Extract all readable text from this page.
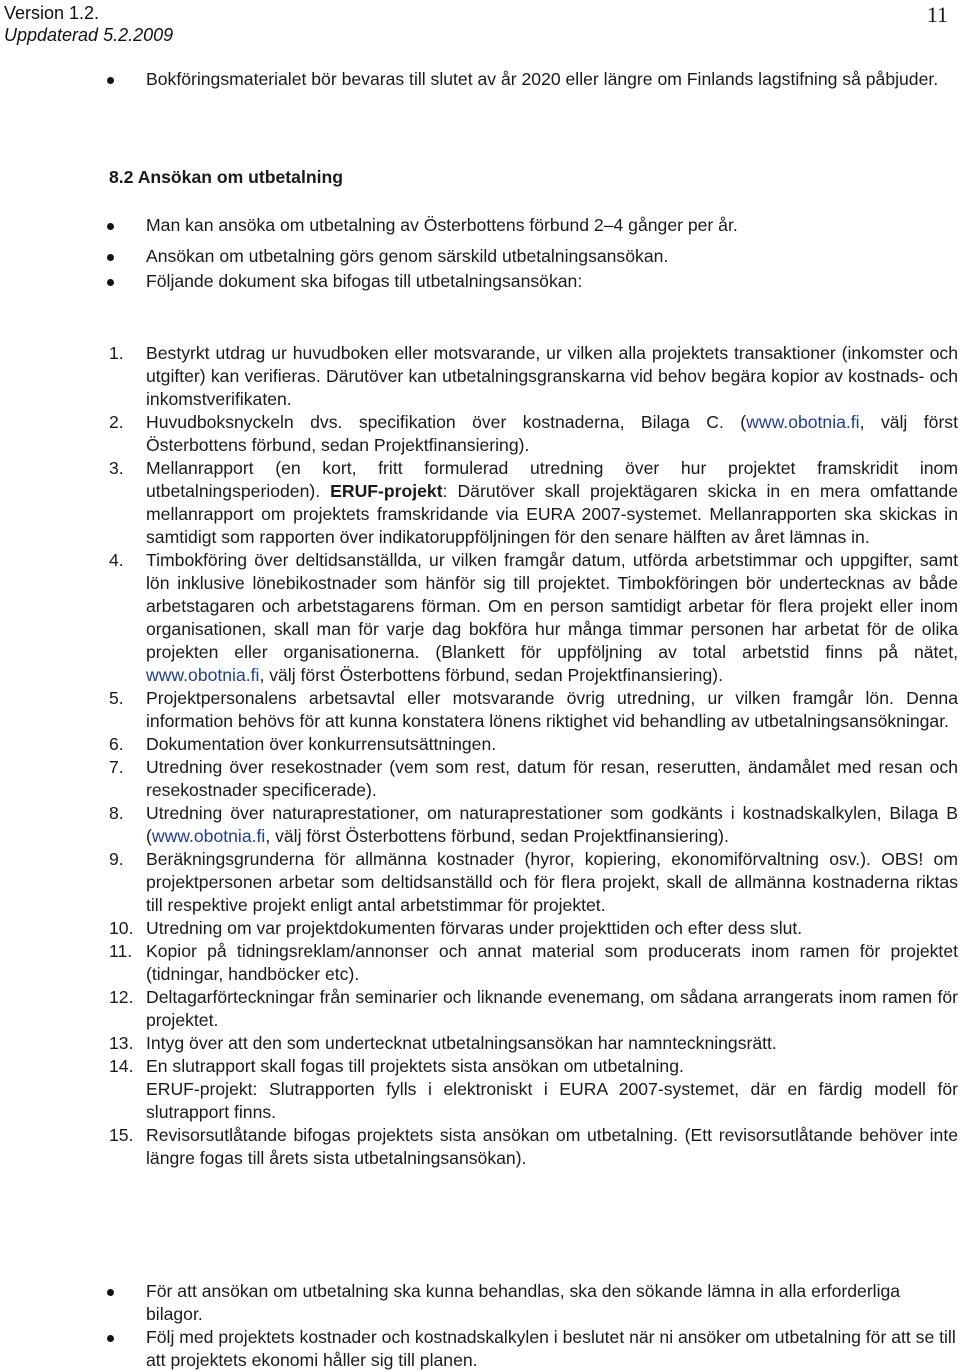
Version 1.2.
Uppdaterad 5.2.2009
11
Bokföringsmaterialet bör bevaras till slutet av år 2020 eller längre om Finlands lagstifning så påbjuder.
8.2 Ansökan om utbetalning
Man kan ansöka om utbetalning av Österbottens förbund 2–4 gånger per år.
Ansökan om utbetalning görs genom särskild utbetalningsansökan.
Följande dokument ska bifogas till utbetalningsansökan:
1. Bestyrkt utdrag ur huvudboken eller motsvarande, ur vilken alla projektets transaktioner (inkomster och utgifter) kan verifieras. Därutöver kan utbetalningsgranskarna vid behov begära kopior av kostnads- och inkomstverifikaten.

2. Huvudboksnyckeln dvs. specifikation över kostnaderna, Bilaga C. (www.obotnia.fi, välj först Österbottens förbund, sedan Projektfinansiering).

3. Mellanrapport (en kort, fritt formulerad utredning över hur projektet framskridit inom utbetalningsperioden). ERUF-projekt: Därutöver skall projektägaren skicka in en mera omfattande mellanrapport om projektets framskridande via EURA 2007-systemet. Mellanrapporten ska skickas in samtidigt som rapporten över indikatoruppföljningen för den senare hälften av året lämnas in.

4. Timbokföring över deltidsanställda, ur vilken framgår datum, utförda arbetstimmar och uppgifter, samt lön inklusive lönebikostnader som hänför sig till projektet. Timbokföringen bör undertecknas av både arbetstagaren och arbetstagarens förman. Om en person samtidigt arbetar för flera projekt eller inom organisationen, skall man för varje dag bokföra hur många timmar personen har arbetat för de olika projekten eller organisationerna. (Blankett för uppföljning av total arbetstid finns på nätet, www.obotnia.fi, välj först Österbottens förbund, sedan Projektfinansiering).

5. Projektpersonalens arbetsavtal eller motsvarande övrig utredning, ur vilken framgår lön. Denna information behövs för att kunna konstatera lönens riktighet vid behandling av utbetalningsansökningar.

6. Dokumentation över konkurrensutsättningen.

7. Utredning över resekostnader (vem som rest, datum för resan, reserutten, ändamålet med resan och resekostnader specificerade).

8. Utredning över naturaprestationer, om naturaprestationer som godkänts i kostnadskalkylen, Bilaga B (www.obotnia.fi, välj först Österbottens förbund, sedan Projektfinansiering).

9. Beräkningsgrunderna för allmänna kostnader (hyror, kopiering, ekonomiförvaltning osv.). OBS! om projektpersonen arbetar som deltidsanställd och för flera projekt, skall de allmänna kostnaderna riktas till respektive projekt enligt antal arbetstimmar för projektet.

10. Utredning om var projektdokumenten förvaras under projekttiden och efter dess slut.

11. Kopior på tidningsreklam/annonser och annat material som producerats inom ramen för projektet (tidningar, handböcker etc).

12. Deltagarförteckningar från seminarier och liknande evenemang, om sådana arrangerats inom ramen för projektet.

13. Intyg över att den som undertecknat utbetalningsansökan har namnteckningsrätt.

14. En slutrapport skall fogas till projektets sista ansökan om utbetalning.

ERUF-projekt: Slutrapporten fylls i elektroniskt i EURA 2007-systemet, där en färdig modell för slutrapport finns.

15. Revisorsutlåtande bifogas projektets sista ansökan om utbetalning. (Ett revisorsutlåtande behöver inte längre fogas till årets sista utbetalningsansökan).

För att ansökan om utbetalning ska kunna behandlas, ska den sökande lämna in alla erforderliga bilagor.
Följ med projektets kostnader och kostnadskalkylen i beslutet när ni ansöker om utbetalning för att se till att projektets ekonomi håller sig till planen.
